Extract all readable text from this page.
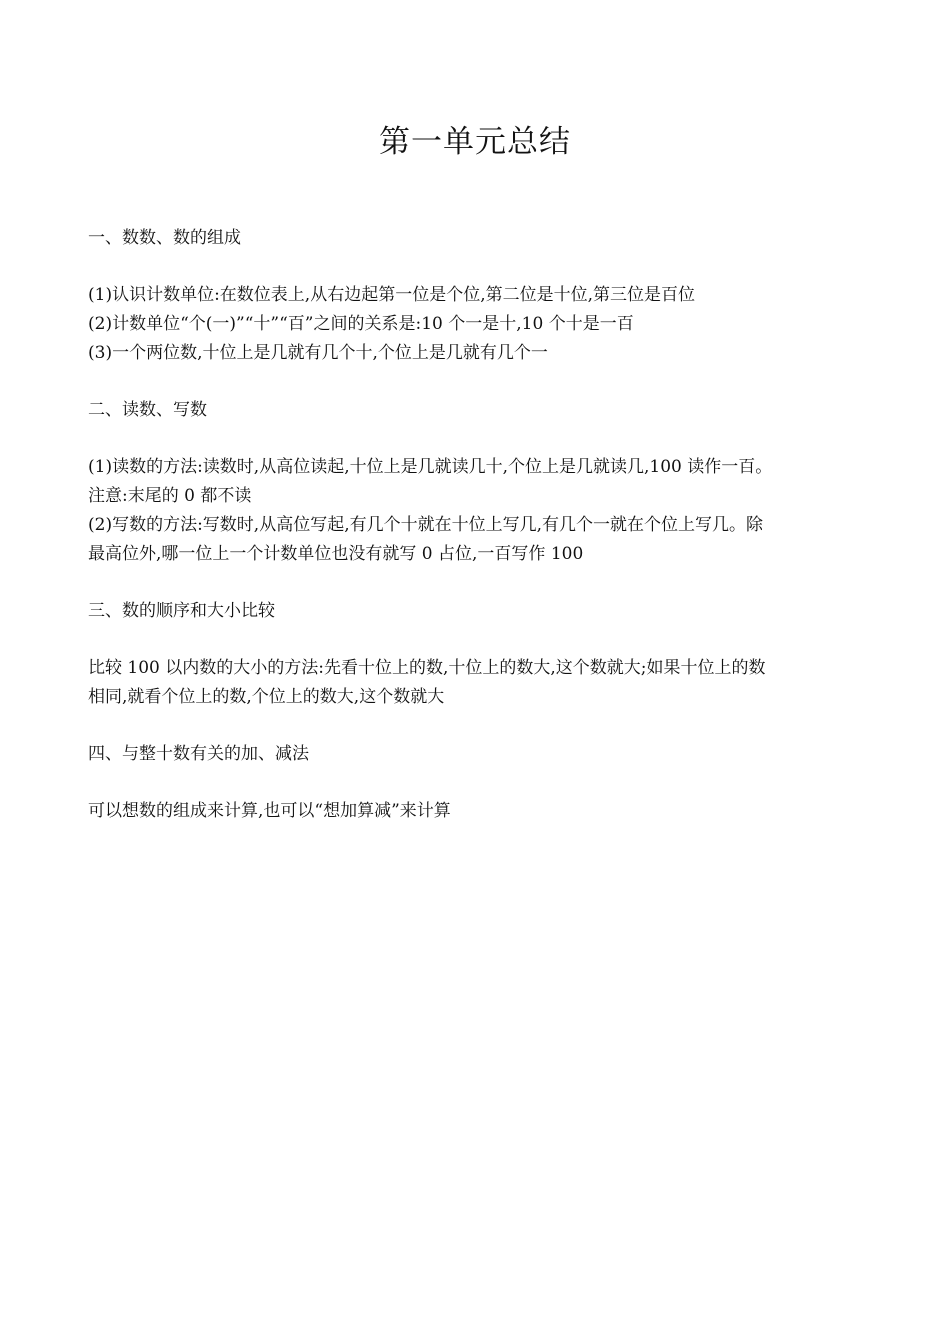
第一单元总结

一、数数、数的组成

(1)认识计数单位:在数位表上,从右边起第一位是个位,第二位是十位,第三位是百位

(2)计数单位“个(一)”“十”“百”之间的关系是:10 个一是十,10 个十是一百

(3)一个两位数,十位上是几就有几个十,个位上是几就有几个一

二、读数、写数

(1)读数的方法:读数时,从高位读起,十位上是几就读几十,个位上是几就读几,100 读作一百。

注意:末尾的 0 都不读

(2)写数的方法:写数时,从高位写起,有几个十就在十位上写几,有几个一就在个位上写几。除

最高位外,哪一位上一个计数单位也没有就写 0 占位,一百写作 100

三、数的顺序和大小比较

比较 100 以内数的大小的方法:先看十位上的数,十位上的数大,这个数就大;如果十位上的数

相同,就看个位上的数,个位上的数大,这个数就大

四、与整十数有关的加、减法

可以想数的组成来计算,也可以“想加算减”来计算
